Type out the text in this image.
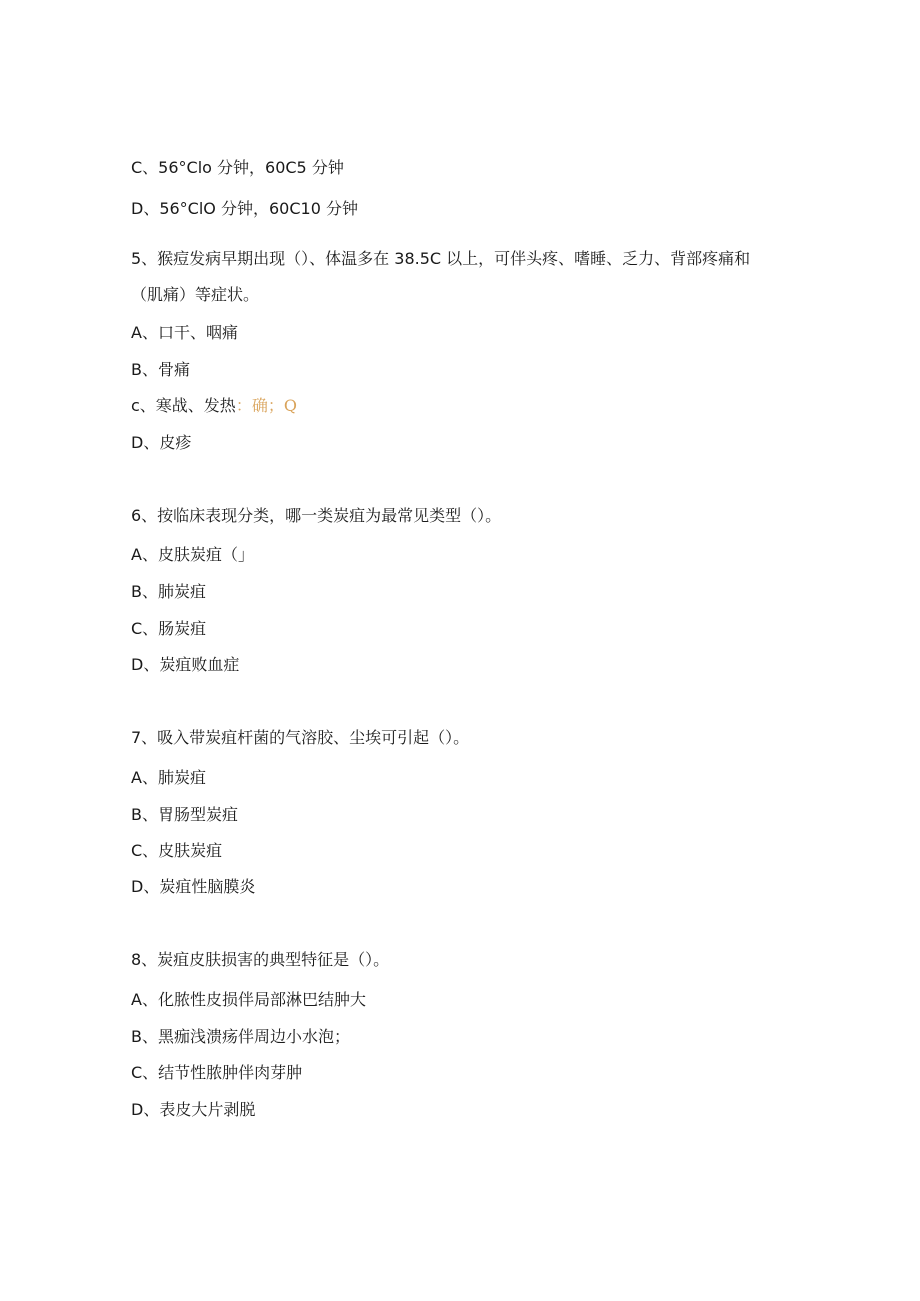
C、56°Clo 分钟，60C5 分钟
D、56°ClO 分钟，60C10 分钟
5、猴痘发病早期出现（）、体温多在 38.5C 以上，可伴头疼、嗜睡、乏力、背部疼痛和
（肌痛）等症状。
A、口干、咽痛
B、骨痛
c、寒战、发热：确；Q
D、皮疹
6、按临床表现分类，哪一类炭疽为最常见类型（）。
A、皮肤炭疽（」
B、肺炭疽
C、肠炭疽
D、炭疽败血症
7、吸入带炭疽杆菌的气溶胶、尘埃可引起（）。
A、肺炭疽
B、胃肠型炭疽
C、皮肤炭疽
D、炭疽性脑膜炎
8、炭疽皮肤损害的典型特征是（）。
A、化脓性皮损伴局部淋巴结肿大
B、黑痂浅溃疡伴周边小水泡；
C、结节性脓肿伴肉芽肿
D、表皮大片剥脱
